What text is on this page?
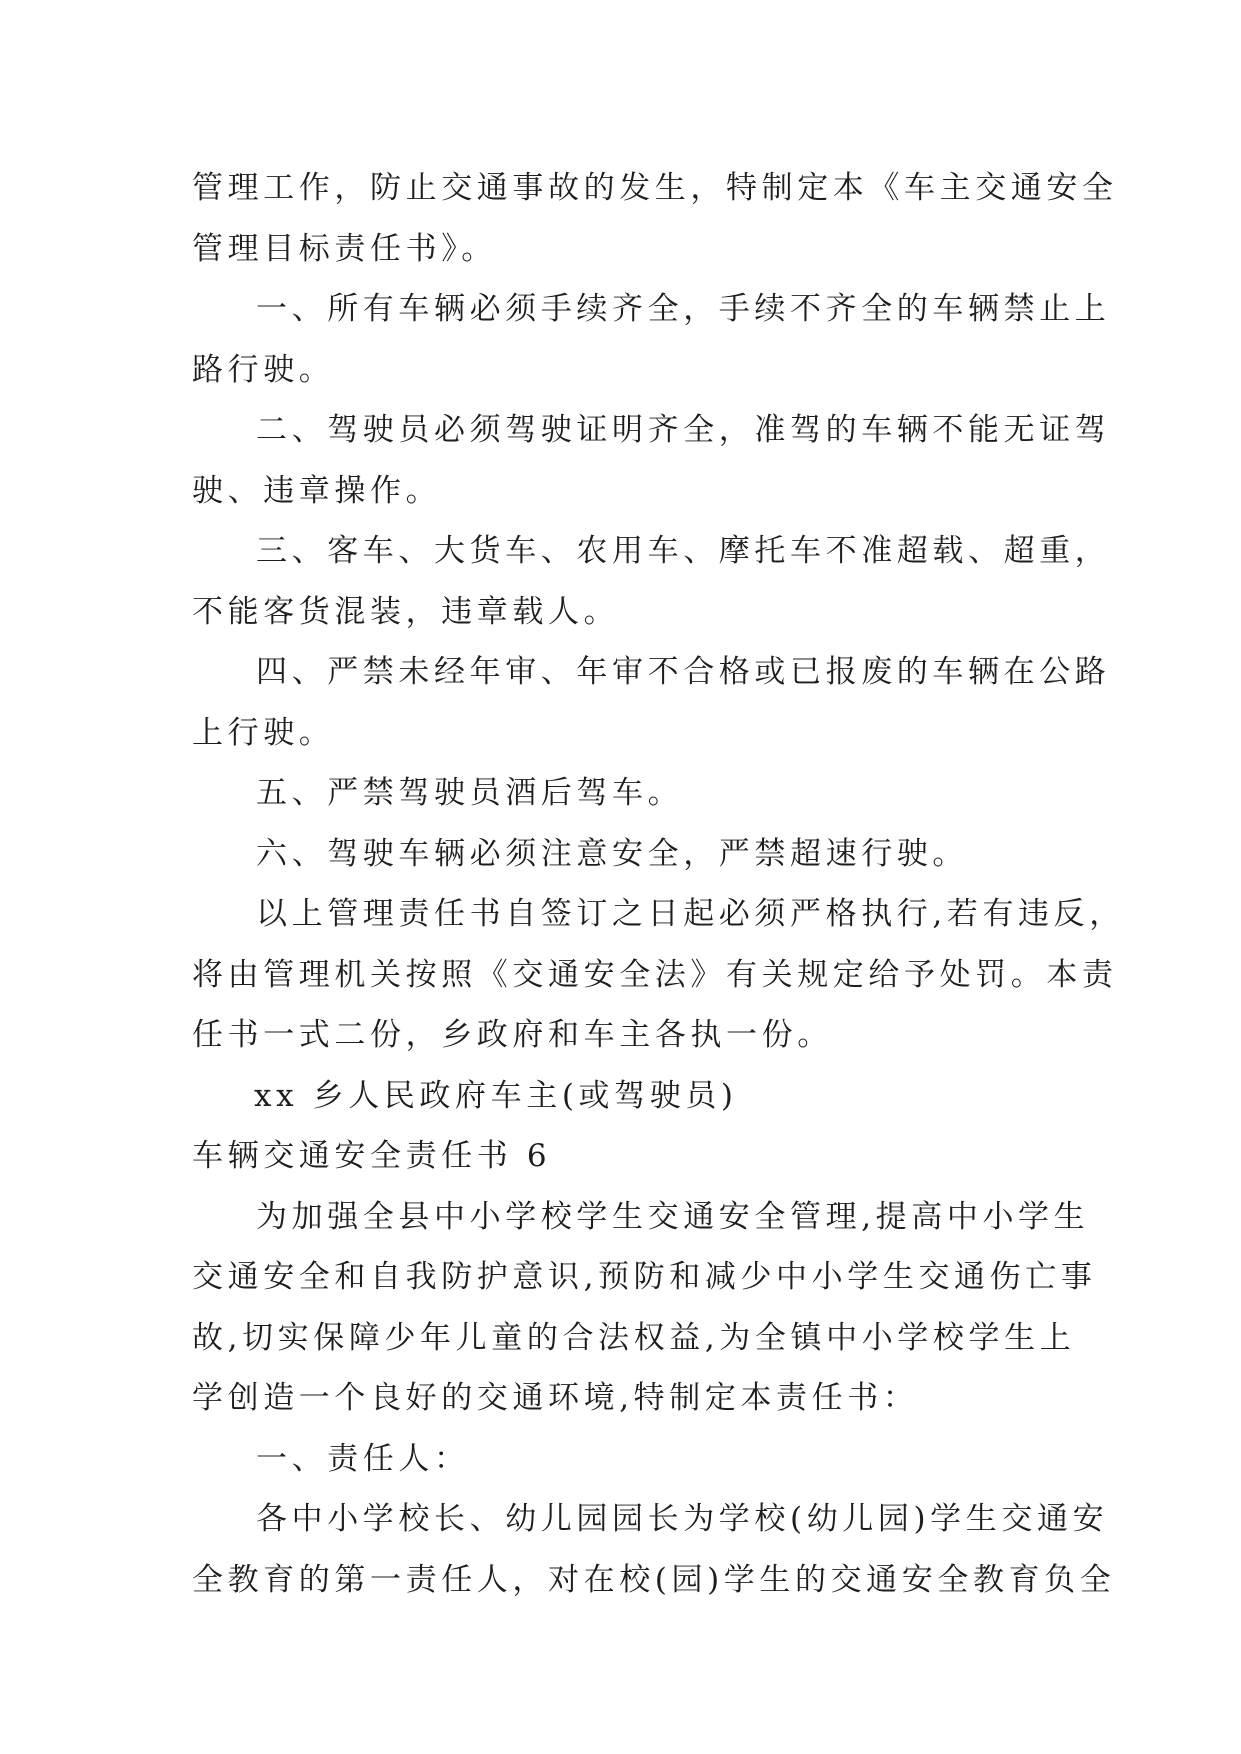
管理工作，防止交通事故的发生，特制定本《车主交通安全
管理目标责任书》。
一、所有车辆必须手续齐全，手续不齐全的车辆禁止上
路行驶。
二、驾驶员必须驾驶证明齐全，准驾的车辆不能无证驾
驶、违章操作。
三、客车、大货车、农用车、摩托车不准超载、超重，
不能客货混装，违章载人。
四、严禁未经年审、年审不合格或已报废的车辆在公路
上行驶。
五、严禁驾驶员酒后驾车。
六、驾驶车辆必须注意安全，严禁超速行驶。
以上管理责任书自签订之日起必须严格执行,若有违反，
将由管理机关按照《交通安全法》有关规定给予处罚。本责
任书一式二份，乡政府和车主各执一份。
xx 乡人民政府车主(或驾驶员)
车辆交通安全责任书 6
为加强全县中小学校学生交通安全管理,提高中小学生
交通安全和自我防护意识,预防和减少中小学生交通伤亡事
故,切实保障少年儿童的合法权益,为全镇中小学校学生上
学创造一个良好的交通环境,特制定本责任书：
一、责任人：
各中小学校长、幼儿园园长为学校(幼儿园)学生交通安
全教育的第一责任人，对在校(园)学生的交通安全教育负全
